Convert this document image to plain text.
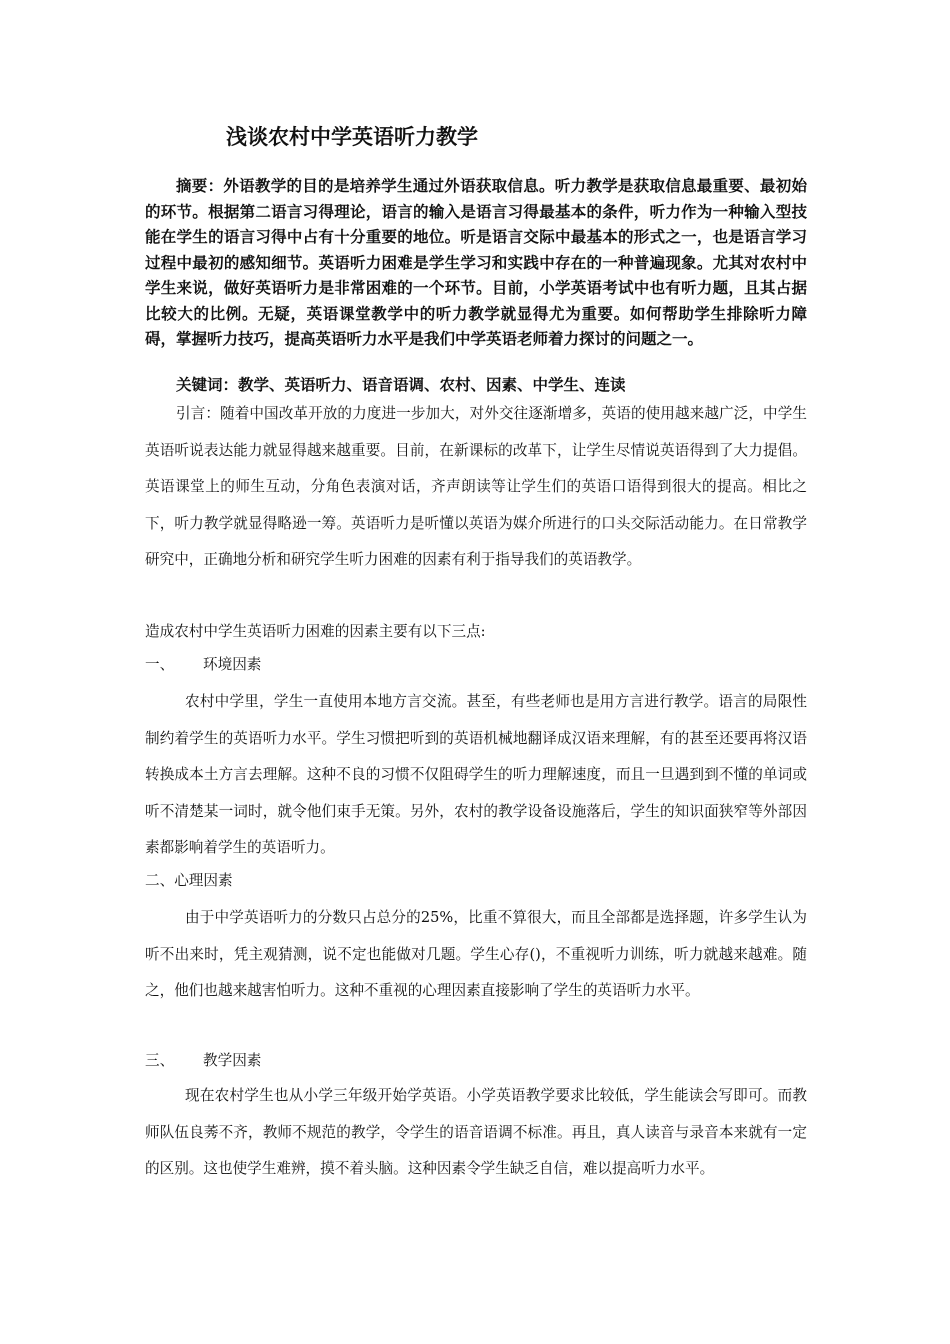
浅谈农村中学英语听力教学

摘要：外语教学的目的是培养学生通过外语获取信息。听力教学是获取信息最重要、最初始的环节。根据第二语言习得理论，语言的输入是语言习得最基本的条件，听力作为一种输入型技能在学生的语言习得中占有十分重要的地位。听是语言交际中最基本的形式之一，也是语言学习过程中最初的感知细节。英语听力困难是学生学习和实践中存在的一种普遍现象。尤其对农村中学生来说，做好英语听力是非常困难的一个环节。目前，小学英语考试中也有听力题，且其占据比较大的比例。无疑，英语课堂教学中的听力教学就显得尤为重要。如何帮助学生排除听力障碍，掌握听力技巧，提高英语听力水平是我们中学英语老师着力探讨的问题之一。

关键词：教学、英语听力、语音语调、农村、因素、中学生、连读

引言：随着中国改革开放的力度进一步加大，对外交往逐渐增多，英语的使用越来越广泛，中学生英语听说表达能力就显得越来越重要。目前，在新课标的改革下，让学生尽情说英语得到了大力提倡。英语课堂上的师生互动，分角色表演对话，齐声朗读等让学生们的英语口语得到很大的提高。相比之下，听力教学就显得略逊一筹。英语听力是听懂以英语为媒介所进行的口头交际活动能力。在日常教学研究中，正确地分析和研究学生听力困难的因素有利于指导我们的英语教学。

造成农村中学生英语听力困难的因素主要有以下三点:

一、 环境因素

农村中学里，学生一直使用本地方言交流。甚至，有些老师也是用方言进行教学。语言的局限性制约着学生的英语听力水平。学生习惯把听到的英语机械地翻译成汉语来理解，有的甚至还要再将汉语转换成本土方言去理解。这种不良的习惯不仅阻碍学生的听力理解速度，而且一旦遇到到不懂的单词或听不清楚某一词时，就令他们束手无策。另外，农村的教学设备设施落后，学生的知识面狭窄等外部因素都影响着学生的英语听力。

二、心理因素

由于中学英语听力的分数只占总分的25%，比重不算很大，而且全部都是选择题，许多学生认为听不出来时，凭主观猜测，说不定也能做对几题。学生心存()，不重视听力训练，听力就越来越难。随之，他们也越来越害怕听力。这种不重视的心理因素直接影响了学生的英语听力水平。

三、 教学因素

现在农村学生也从小学三年级开始学英语。小学英语教学要求比较低，学生能读会写即可。而教师队伍良莠不齐，教师不规范的教学，令学生的语音语调不标准。再且，真人读音与录音本来就有一定的区别。这也使学生难辨，摸不着头脑。这种因素令学生缺乏自信，难以提高听力水平。
